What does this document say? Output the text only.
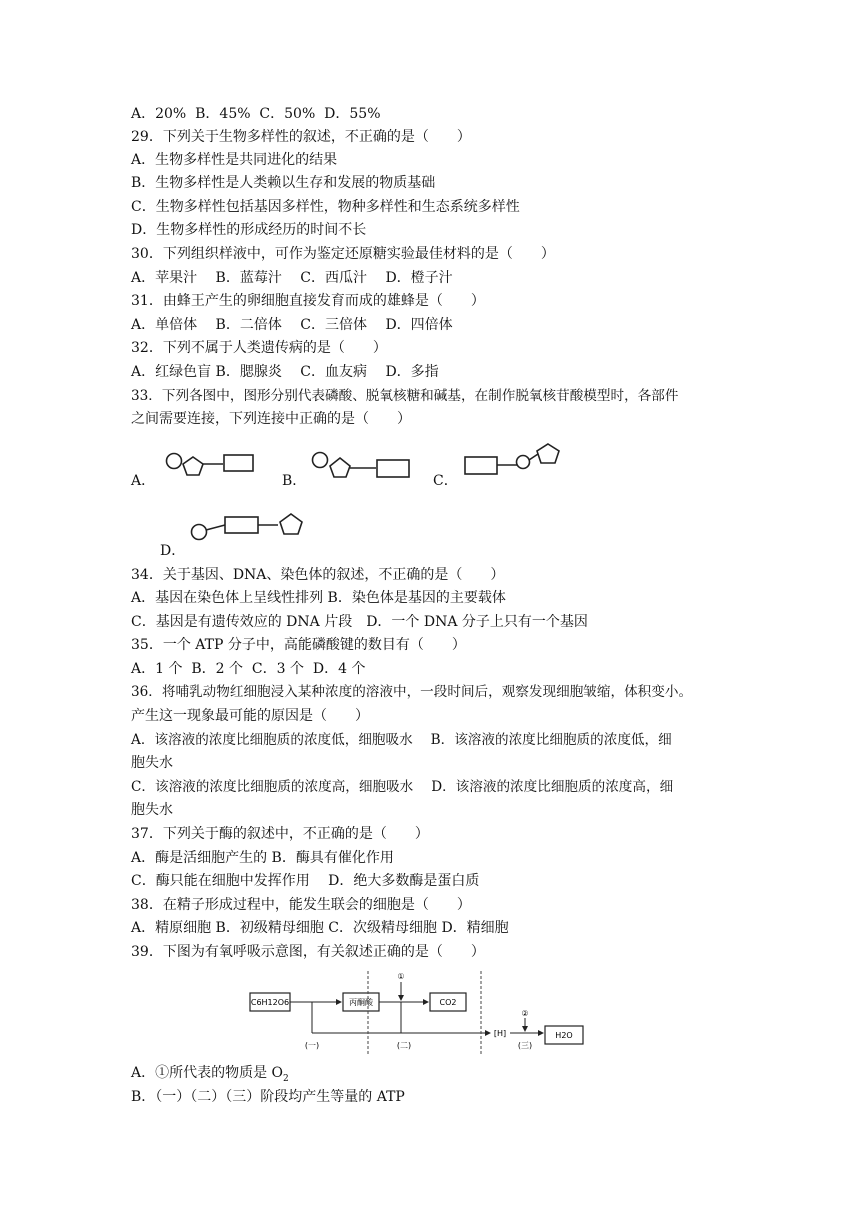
A．20%  B．45%  C．50%  D．55%
29．下列关于生物多样性的叙述，不正确的是（　　）
A．生物多样性是共同进化的结果
B．生物多样性是人类赖以生存和发展的物质基础
C．生物多样性包括基因多样性，物种多样性和生态系统多样性
D．生物多样性的形成经历的时间不长
30．下列组织样液中，可作为鉴定还原糖实验最佳材料的是（　　）
A．苹果汁　 B．蓝莓汁　 C．西瓜汁　 D．橙子汁
31．由蜂王产生的卵细胞直接发育而成的雄蜂是（　　）
A．单倍体　 B．二倍体　 C．三倍体　 D．四倍体
32．下列不属于人类遗传病的是（　　）
A．红绿色盲 B．腮腺炎　 C．血友病　 D．多指
33．下列各图中，图形分别代表磷酸、脱氧核糖和碱基，在制作脱氧核苷酸模型时，各部件
之间需要连接，下列连接中正确的是（　　）
A．	B．	C．
D．
34．关于基因、DNA、染色体的叙述，不正确的是（　　）
A．基因在染色体上呈线性排列 B．染色体是基因的主要载体
C．基因是有遗传效应的 DNA 片段　D．一个 DNA 分子上只有一个基因
35．一个 ATP 分子中，高能磷酸键的数目有（　　）
A．1 个  B．2 个  C．3 个  D．4 个
36．将哺乳动物红细胞浸入某种浓度的溶液中，一段时间后，观察发现细胞皱缩，体积变小。
产生这一现象最可能的原因是（　　）
A．该溶液的浓度比细胞质的浓度低，细胞吸水　 B．该溶液的浓度比细胞质的浓度低，细
胞失水
C．该溶液的浓度比细胞质的浓度高，细胞吸水　 D．该溶液的浓度比细胞质的浓度高，细
胞失水
37．下列关于酶的叙述中，不正确的是（　　）
A．酶是活细胞产生的 B．酶具有催化作用
C．酶只能在细胞中发挥作用　 D．绝大多数酶是蛋白质
38．在精子形成过程中，能发生联会的细胞是（　　）
A．精原细胞 B．初级精母细胞 C．次级精母细胞 D．精细胞
39．下图为有氧呼吸示意图，有关叙述正确的是（　　）
C6H12O6	丙酮酸	CO2
[H]	H2O
①
②
(一)	(二)	(三)
A．①所代表的物质是 $O_2$
B．（一）（二）（三）阶段均产生等量的 ATP
